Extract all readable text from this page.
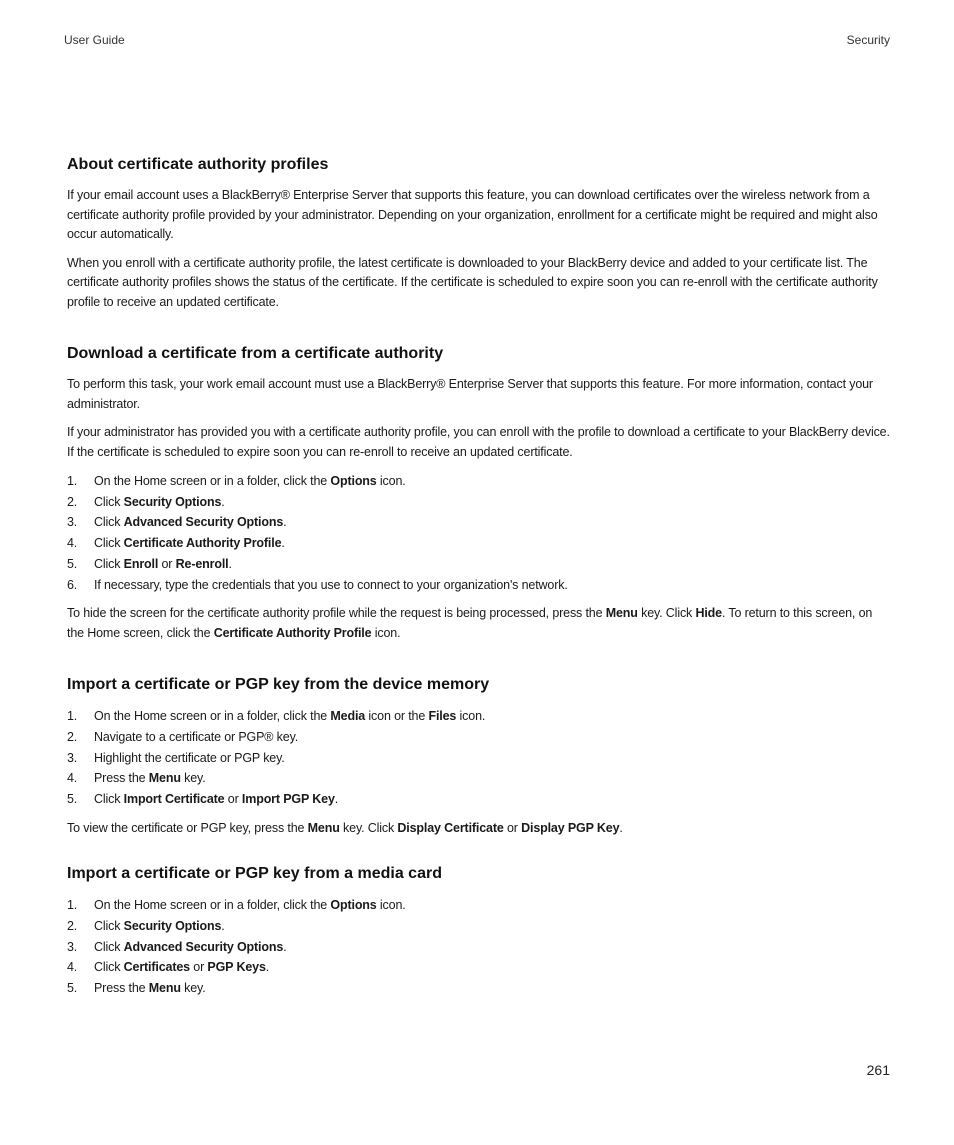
User Guide	Security
About certificate authority profiles

If your email account uses a BlackBerry® Enterprise Server that supports this feature, you can download certificates over the wireless network from a certificate authority profile provided by your administrator. Depending on your organization, enrollment for a certificate might be required and might also occur automatically.

When you enroll with a certificate authority profile, the latest certificate is downloaded to your BlackBerry device and added to your certificate list. The certificate authority profiles shows the status of the certificate. If the certificate is scheduled to expire soon you can re-enroll with the certificate authority profile to receive an updated certificate.

Download a certificate from a certificate authority

To perform this task, your work email account must use a BlackBerry® Enterprise Server that supports this feature. For more information, contact your administrator.

If your administrator has provided you with a certificate authority profile, you can enroll with the profile to download a certificate to your BlackBerry device. If the certificate is scheduled to expire soon you can re-enroll to receive an updated certificate.

1. On the Home screen or in a folder, click the Options icon.
2. Click Security Options.
3. Click Advanced Security Options.
4. Click Certificate Authority Profile.
5. Click Enroll or Re-enroll.
6. If necessary, type the credentials that you use to connect to your organization's network.

To hide the screen for the certificate authority profile while the request is being processed, press the Menu key. Click Hide. To return to this screen, on the Home screen, click the Certificate Authority Profile icon.

Import a certificate or PGP key from the device memory
1. On the Home screen or in a folder, click the Media icon or the Files icon.
2. Navigate to a certificate or PGP® key.
3. Highlight the certificate or PGP key.
4. Press the Menu key.
5. Click Import Certificate or Import PGP Key.

To view the certificate or PGP key, press the Menu key. Click Display Certificate or Display PGP Key.

Import a certificate or PGP key from a media card
1. On the Home screen or in a folder, click the Options icon.
2. Click Security Options.
3. Click Advanced Security Options.
4. Click Certificates or PGP Keys.
5. Press the Menu key.
261
